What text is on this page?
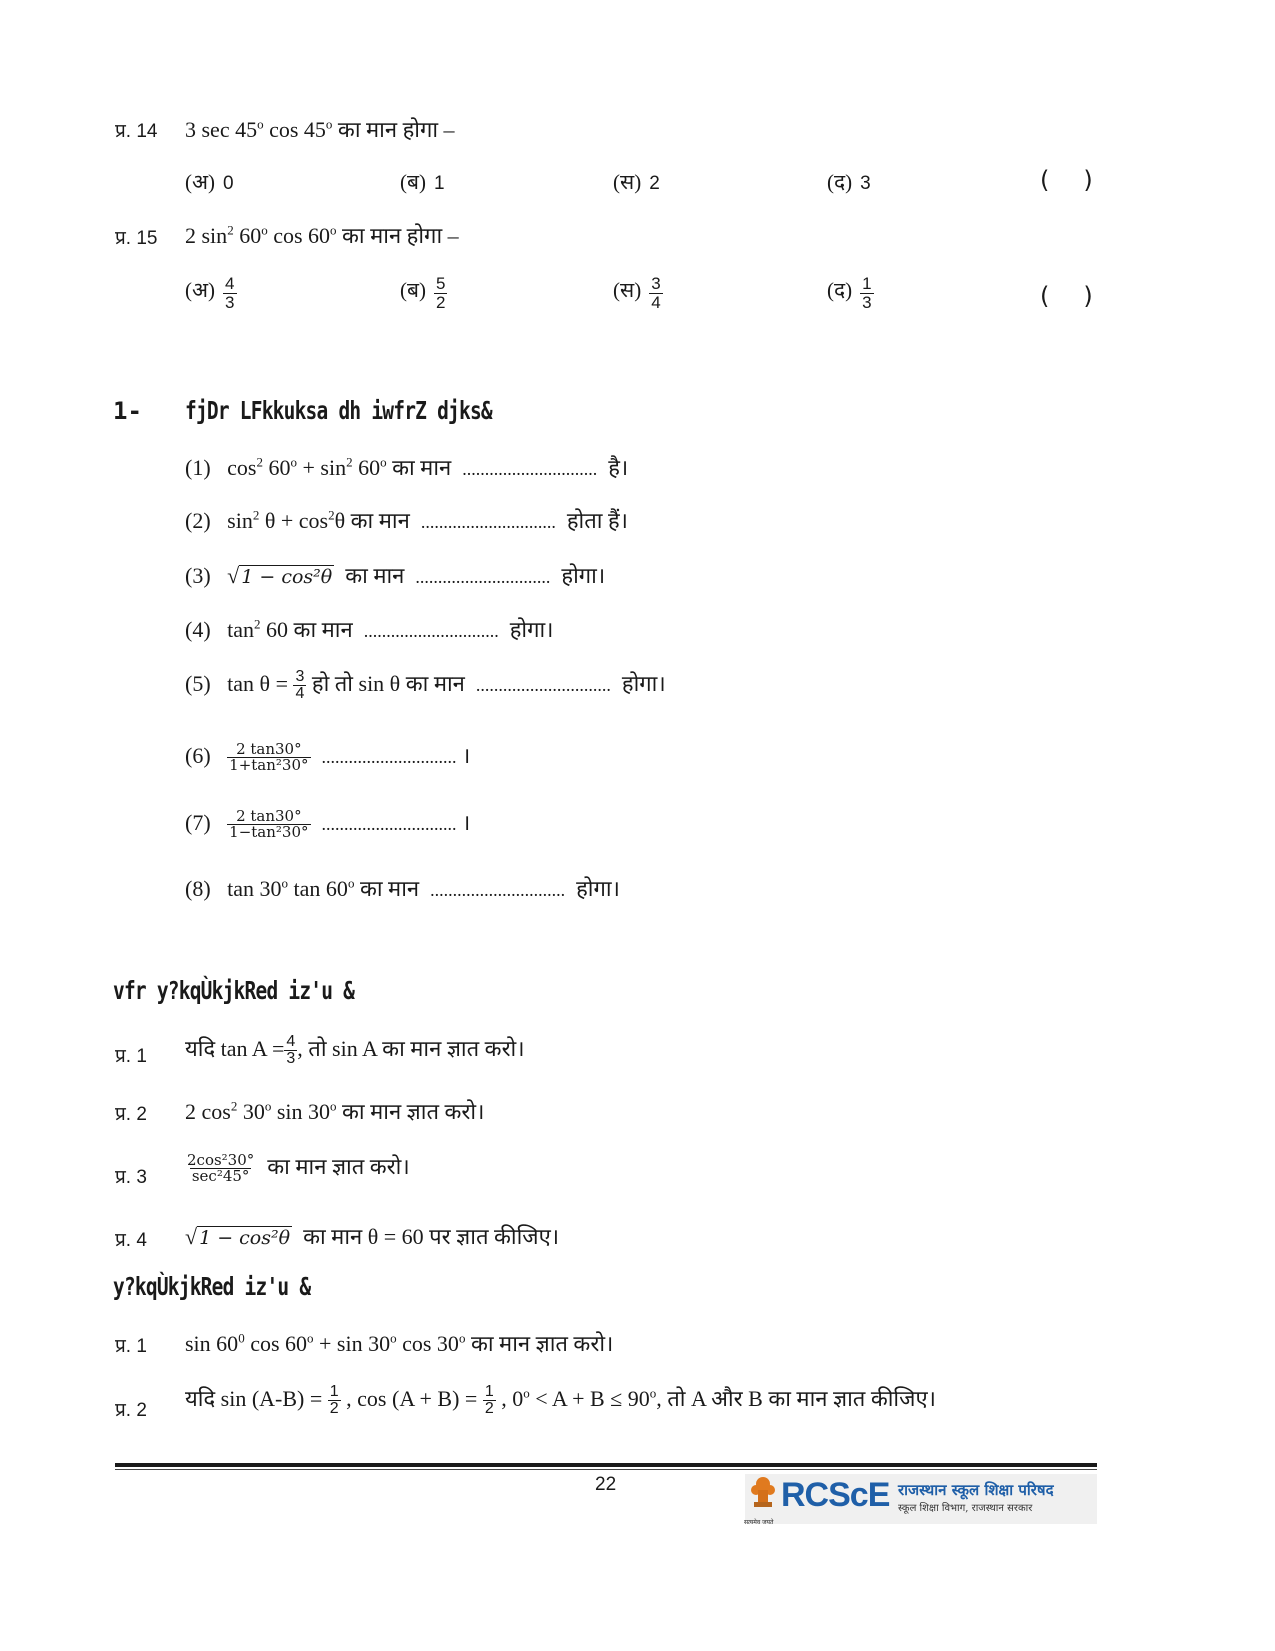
प्र. 14 3 sec 45$^o$ cos 45$^o$ का मान होगा –
(अ) 0	(ब) 1	(स) 2	(द) 3	( )
प्र. 15 2 $\sin^2 60^o$ cos 60$^o$ का मान होगा –
(अ) $\frac{4}{3}$	(ब) $\frac{5}{2}$	(स) $\frac{3}{4}$	(द) $\frac{1}{3}$	( )
1- fjDr LFkkuksa dh iwfrZ djks&
(1) $\cos^2 60^o + \sin^2 60^o$ का मान .............................. है।
(2) $\sin^2 \theta + \cos^2\theta$ का मान .............................. होता हैं।
(3) √ 1 − cos²θ का मान .............................. होगा।
(4) $\tan^2 60$ का मान .............................. होगा।
(5) $\tan \theta = \frac{3}{4}$ हो तो sin θ का मान .............................. होगा।
$(6) \frac{2 \tan 30^\circ}{\text{1+tan²30°}}$ .............................. ।
$(7) \frac{2 \tan 30^\circ}{\text{1−tan²30°}}$ .............................. ।
(8) tan 30$^o$ tan 60$^o$ का मान .............................. होगा।
vfr y?kqÙkjkRed iz'u &
प्र. 1 यदि $\tan A = \frac{4}{3}$ , तो sin A का मान ज्ञात करो।
प्र. 2 2 $\cos^2 30^o$ sin 30$^o$ का मान ज्ञात करो।
प्र. 3	$\frac{\text{2cos²30°}}{\text{sec²45°}}$ का मान ज्ञात करो।
प्र. 4 √ 1 − cos²θ का मान θ = 60 पर ज्ञात कीजिए।
y?kqÙkjkRed iz'u &
प्र. 1 $\sin 60^0$ $\cos 60^o + \sin 30^o$ cos 30$^o$ का मान ज्ञात करो।
प्र. 2 यदि $\sin (A-B) = \frac{1}{2}$ , $\cos (A + B) = \frac{1}{2}$ , $0^o < A + B \le 90^o$, तो A और B का मान ज्ञात कीजिए।
22
सत्यमेव जयते
RCScE राजस्थान स्कूल शिक्षा परिषद
स्कूल शिक्षा विभाग, राजस्थान सरकार
